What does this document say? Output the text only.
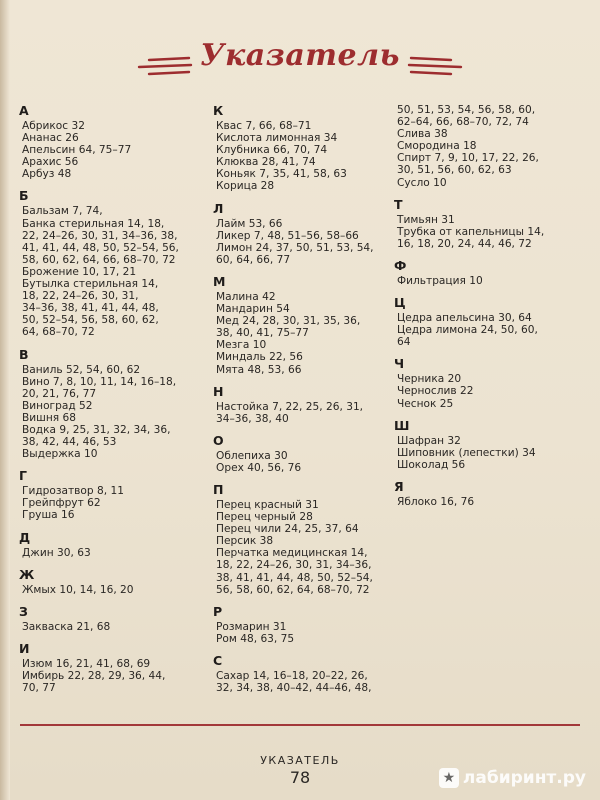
Указатель
А
Абрикос 32
Ананас 26
Апельсин 64, 75–77
Арахис 56
Арбуз 48
Б
Бальзам 7, 74,
Банка стерильная 14, 18,
22, 24–26, 30, 31, 34–36, 38,
41, 41, 44, 48, 50, 52–54, 56,
58, 60, 62, 64, 66, 68–70, 72
Брожение 10, 17, 21
Бутылка стерильная 14,
18, 22, 24–26, 30, 31,
34–36, 38, 41, 41, 44, 48,
50, 52–54, 56, 58, 60, 62,
64, 68–70, 72
В
Ваниль 52, 54, 60, 62
Вино 7, 8, 10, 11, 14, 16–18,
20, 21, 76, 77
Виноград 52
Вишня 68
Водка 9, 25, 31, 32, 34, 36,
38, 42, 44, 46, 53
Выдержка 10
Г
Гидрозатвор 8, 11
Грейпфрут 62
Груша 16
Д
Джин 30, 63
Ж
Жмых 10, 14, 16, 20
З
Закваска 21, 68
И
Изюм 16, 21, 41, 68, 69
Имбирь 22, 28, 29, 36, 44,
70, 77
К
Квас 7, 66, 68–71
Кислота лимонная 34
Клубника 66, 70, 74
Клюква 28, 41, 74
Коньяк 7, 35, 41, 58, 63
Корица 28
Л
Лайм 53, 66
Ликер 7, 48, 51–56, 58–66
Лимон 24, 37, 50, 51, 53, 54,
60, 64, 66, 77
М
Малина 42
Мандарин 54
Мед 24, 28, 30, 31, 35, 36,
38, 40, 41, 75–77
Мезга 10
Миндаль 22, 56
Мята 48, 53, 66
Н
Настойка 7, 22, 25, 26, 31,
34–36, 38, 40
О
Облепиха 30
Орех 40, 56, 76
П
Перец красный 31
Перец черный 28
Перец чили 24, 25, 37, 64
Персик 38
Перчатка медицинская 14,
18, 22, 24–26, 30, 31, 34–36,
38, 41, 41, 44, 48, 50, 52–54,
56, 58, 60, 62, 64, 68–70, 72
Р
Розмарин 31
Ром 48, 63, 75
С
Сахар 14, 16–18, 20–22, 26,
32, 34, 38, 40–42, 44–46, 48,
50, 51, 53, 54, 56, 58, 60,
62–64, 66, 68–70, 72, 74
Слива 38
Смородина 18
Спирт 7, 9, 10, 17, 22, 26,
30, 51, 56, 60, 62, 63
Сусло 10
Т
Тимьян 31
Трубка от капельницы 14,
16, 18, 20, 24, 44, 46, 72
Ф
Фильтрация 10
Ц
Цедра апельсина 30, 64
Цедра лимона 24, 50, 60,
64
Ч
Черника 20
Чернослив 22
Чеснок 25
Ш
Шафран 32
Шиповник (лепестки) 34
Шоколад 56
Я
Яблоко 16, 76
УКАЗАТЕЛЬ
78	★ лабиринт.ру
